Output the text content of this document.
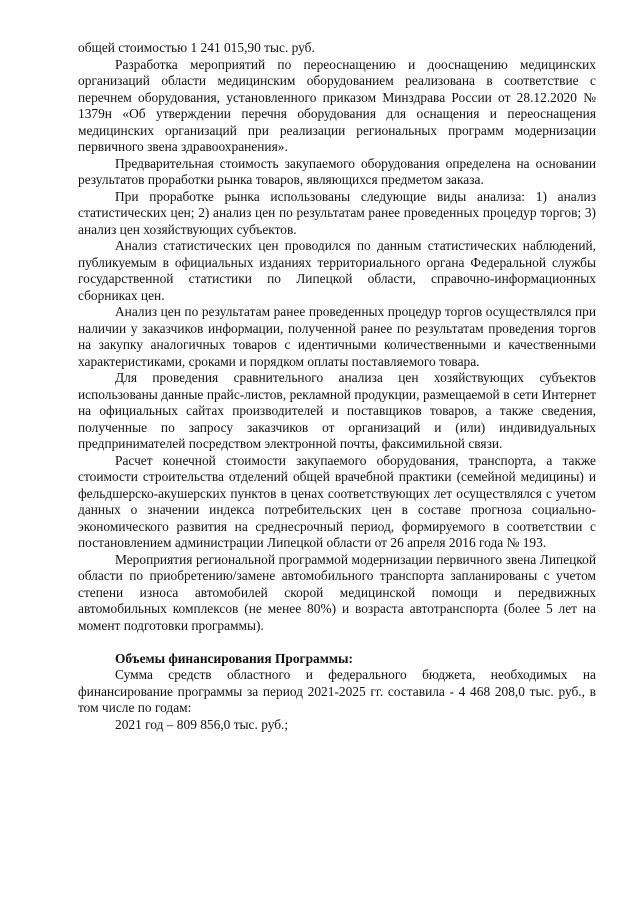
общей стоимостью 1 241 015,90 тыс. руб.

Разработка мероприятий по переоснащению и дооснащению медицинских организаций области медицинским оборудованием реализована в соответствие с перечнем оборудования, установленного приказом Минздрава России от 28.12.2020 № 1379н «Об утверждении перечня оборудования для оснащения и переоснащения медицинских организаций при реализации региональных программ модернизации первичного звена здравоохранения».

Предварительная стоимость закупаемого оборудования определена на основании результатов проработки рынка товаров, являющихся предметом заказа.

При проработке рынка использованы следующие виды анализа: 1) анализ статистических цен; 2) анализ цен по результатам ранее проведенных процедур торгов; 3) анализ цен хозяйствующих субъектов.

Анализ статистических цен проводился по данным статистических наблюдений, публикуемым в официальных изданиях территориального органа Федеральной службы государственной статистики по Липецкой области, справочно-информационных сборниках цен.

Анализ цен по результатам ранее проведенных процедур торгов осуществлялся при наличии у заказчиков информации, полученной ранее по результатам проведения торгов на закупку аналогичных товаров с идентичными количественными и качественными характеристиками, сроками и порядком оплаты поставляемого товара.

Для проведения сравнительного анализа цен хозяйствующих субъектов использованы данные прайс-листов, рекламной продукции, размещаемой в сети Интернет на официальных сайтах производителей и поставщиков товаров, а также сведения, полученные по запросу заказчиков от организаций и (или) индивидуальных предпринимателей посредством электронной почты, факсимильной связи.

Расчет конечной стоимости закупаемого оборудования, транспорта, а также стоимости строительства отделений общей врачебной практики (семейной медицины) и фельдшерско-акушерских пунктов в ценах соответствующих лет осуществлялся с учетом данных о значении индекса потребительских цен в составе прогноза социально-экономического развития на среднесрочный период, формируемого в соответствии с постановлением администрации Липецкой области от 26 апреля 2016 года № 193.

Мероприятия региональной программой модернизации первичного звена Липецкой области по приобретению/замене автомобильного транспорта запланированы с учетом степени износа автомобилей скорой медицинской помощи и передвижных автомобильных комплексов (не менее 80%) и возраста автотранспорта (более 5 лет на момент подготовки программы).

Объемы финансирования Программы:

Сумма средств областного и федерального бюджета, необходимых на финансирование программы за период 2021-2025 гг. составила - 4 468 208,0 тыс. руб., в том числе по годам:

2021 год – 809 856,0 тыс. руб.;
